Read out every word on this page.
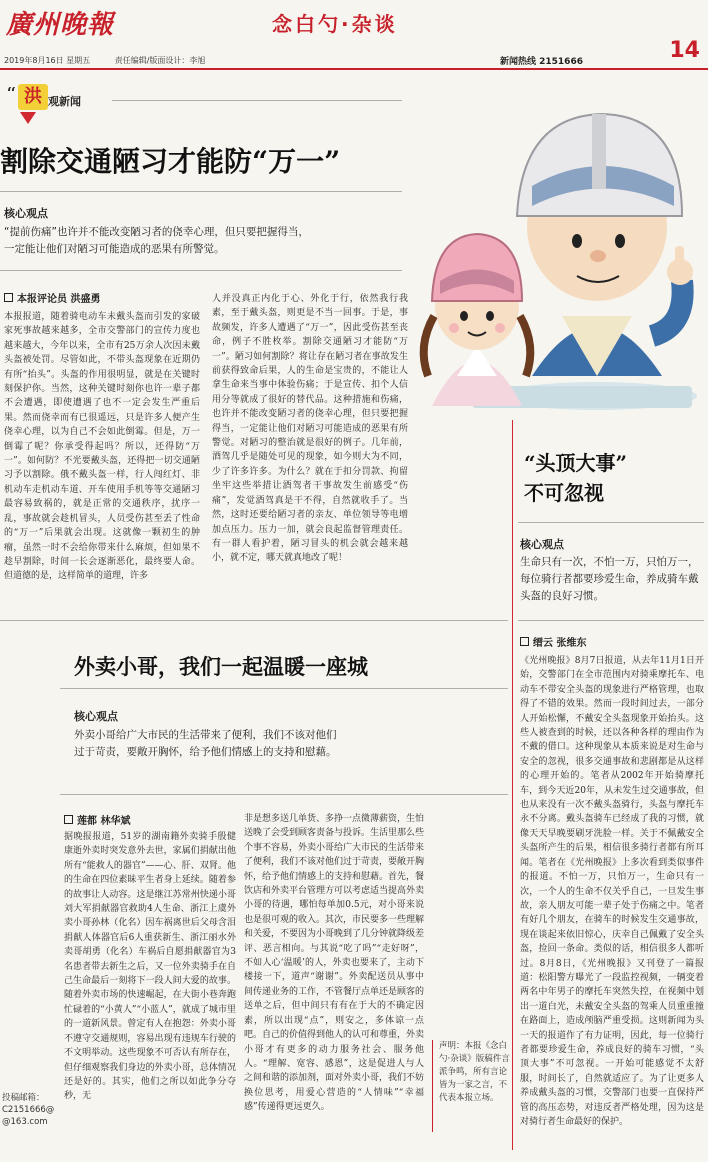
廣州晚報	念白勺·杂谈
14
2019年8月16日 星期五	责任编辑/版面设计：李旭	新闻热线 2151666
“ 洪 观新闻
割除交通陋习才能防“万一”
核心观点
“提前伤痛”也许并不能改变陋习者的侥幸心理，但只要把握得当，一定能让他们对陋习可能造成的恶果有所警觉。
本报评论员 洪盛勇
本报报道，随着骑电动车未戴头盔而引发的家破家死事故越来越多，全市交警部门的宣传力度也越来越大，今年以来，全市有25万余人次因未戴头盔被处罚。尽管如此，不带头盔现象在近期仍有所“抬头”。头盔的作用很明显，就是在关键时刻保护你。当然，这种关键时刻你也许一辈子都不会遭遇，即使遭遇了也不一定会发生严重后果。然而侥幸而有已很遥远，只是许多人便产生侥幸心理，以为自己不会如此倒霉。但是，万一倒霉了呢？你承受得起吗？所以，还得防“万一”。如何防？不光要戴头盔，还得把一切交通陋习予以割除。俄不戴头盔一样，行人闯红灯、非机动车走机动车道、开车使用手机等等交通陋习最容易致祸的，就是正常的交通秩序，扰序一乱，事故就会趁机冒头，人员受伤甚至丢了性命的“万一”后果就会出现。这就像一颗初生的肿瘤，虽然一时不会给你带来什么麻烦，但如果不趁早割除，时间一长会逐渐恶化，最终要人命。但道德的是，这样简单的道理，许多
人并没真正内化于心、外化于行，依然我行我素，至于戴头盔，则更是不当一回事。于是，事故频发，许多人遭遇了“万一”，因此受伤甚至丧命，例子不胜枚举。割除交通陋习才能防“万一”。陋习如何割除？将让存在陋习者在事故发生前获得致命后果，人的生命是宝贵的，不能让人拿生命来当事中体验伤痛；于是宣传、扣个人信用分等就成了很好的替代品。这种措施和伤痛，也许并不能改变陋习者的侥幸心理，但只要把握得当，一定能让他们对陋习可能造成的恶果有所警觉。对陋习的整治就是很好的例子。几年前，酒驾几乎是随处可见的现象，如今则大为不同，少了许多许多。为什么？就在于扣分罚款、拘留坐牢这些举措让酒驾者干事故发生前感受“伤痛”，发觉酒驾真是干不得，自然就收手了。当然，这时还要给陋习者的亲友、单位领导等电增加点压力。压力一加，就会良起监督管理责任。有一群人看护着，陋习冒头的机会就会越来越小，就不定，哪天就真地改了呢！
外卖小哥，我们一起温暖一座城
核心观点
外卖小哥给广大市民的生活带来了便利，我们不该对他们过于苛责，要敞开胸怀，给予他们情感上的支持和慰藉。
莲都 林华斌
据晚报报道，51岁的湖南籍外卖骑手殷健康逝外卖时突发意外去世，家属们捐献出他所有“能救人的器官”——心、肝、双肾。他的生命在四位素昧平生者身上延续。随着参的故事让人动容。这是继江苏常州快递小哥刘大军捐献器官救助4人生命、浙江上虞外卖小哥孙林（化名）因车祸离世后父母含泪捐献人体器官后6人重获新生、浙江丽水外卖哥胡勇（化名）车祸后自愿捐献器官为3名患者带去新生之后，又一位外卖骑手在自己生命最后一刻将下一段人间大爱的故事。随着外卖市场的快速崛起，在大街小巷奔跑忙碌着的“小黄人”“小蓝人”，就成了城市里的一道新风景。曾定有人在抱怨：外卖小哥不遵守交通规则，容易出现有违规车行驶的不文明举动。这些现象不可否认有所存在，但仔细观察我们身边的外卖小哥，总体情况还是好的。其实，他们之所以如此争分夺秒，无
非是想多送几单货、多挣一点微薄薪资，生怕送晚了会受到顾客责备与投诉。生活里那么些个事不容易，外卖小哥给广大市民的生活带来了便利，我们不该对他们过于苛责，要敞开胸怀，给予他们情感上的支持和慰藉。首先，餐饮店和外卖平台管理方可以考虑适当提高外卖小哥的待遇，哪怕每单加0.5元，对小哥来说也是很可观的收入。其次，市民要多一些理解和关爱，不要因为小哥晚到了几分钟就降级差评、恶言相向。与其说“吃了吗”“走好呀”，不如人心‘温暖’的人，外卖也要来了，主动下楼接一下，道声“谢谢”。外卖配送员从事中间传递业务的工作，不管餐厅点单还是顾客的送单之后，但中间只有有在于大的不确定因素，所以出现“点”，则安之，多体谅一点吧。自己的价值得到他人的认可和尊重，外卖小哥才有更多的动力服务社会、服务他人。“理解、宽容、感恩”，这是促进人与人之间和谐的添加剂，面对外卖小哥，我们不妨换位思考，用爱心营造的“人情味”“幸福感”传递得更远更久。
声明：本报《念白勺·杂谈》版稿件言派争鸣，所有言论皆为一家之言，不代表本报立场。
投稿邮箱：
C2151666@
@163.com
“头顶大事”
不可忽视
核心观点
生命只有一次，不怕一万，只怕万一，每位骑行者都要珍爱生命，养成骑车戴头盔的良好习惯。
缙云 张维东
《光州晚报》8月7日报道，从去年11月1日开始，交警部门在全市范围内对骑乘摩托车、电动车不带安全头盔的现象进行严格管理，也取得了不错的效果。然而一段时间过去，一部分人开始松懈，不戴安全头盔现象开始抬头。这些人被查到的时候，还以各种各样的理由作为不戴的借口。这种现象从本质来说是对生命与安全的忽视，很多交通事故和悲剧都是从这样的心理开始的。笔者从2002年开始骑摩托车，到今天近20年，从未发生过交通事故，但也从来没有一次不戴头盔骑行，头盔与摩托车永不分离。戴头盔骑车已经成了我的习惯，就像天天早晚要刷牙洗脸一样。关于不佩戴安全头盔所产生的后果，相信很多骑行者都有所耳闻。笔者在《光州晚报》上多次看到类似事件的报道。不怕一万，只怕万一，生命只有一次，一个人的生命不仅关乎自己，一旦发生事故，亲人朋友可能一辈子处于伤痛之中。笔者有好几个朋友，在骑车的时候发生交通事故，现在谈起来依旧惊心，庆幸自己佩戴了安全头盔，捡回一条命。类似的话，相信很多人都听过。8月8日，《光州晚报》又刊登了一篇报道：松阳警方曝光了一段监控视频，一辆变着两名中年男子的摩托车突然失控，在视频中划出一道白光，未戴安全头盔的驾乘人员重重撞在路面上，造成颅脑严重受损。这则新闻为头一天的报道作了有力证明，因此，每一位骑行者都要珍爱生命，养成良好的骑车习惯，“头顶大事”不可忽视。一开始可能感觉不太舒服，时间长了，自然就适应了。为了让更多人养成戴头盔的习惯，交警部门也要一直保持严管的高压态势，对违反者严格处理，因为这是对骑行者生命最好的保护。
